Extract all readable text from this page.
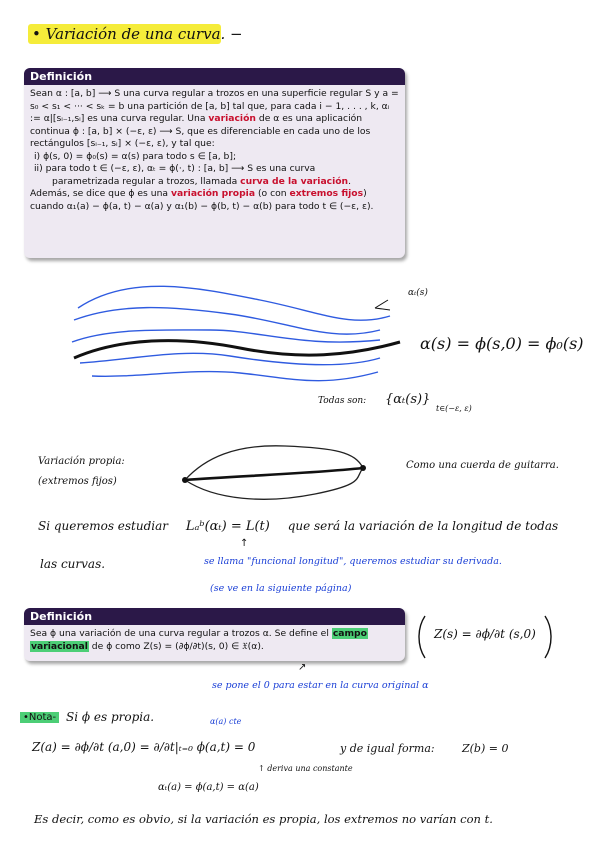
• Variación de una curva. −
Definición
Sean α : [a, b] ⟶ S una curva regular a trozos en una superficie regular S y a = s₀ < s₁ < ··· < sₖ = b una partición de [a, b] tal que, para cada i − 1, . . . , k, αᵢ := α|[sᵢ₋₁,sᵢ] es una curva regular. Una variación de α es una aplicación continua ϕ : [a, b] × (−ε, ε) ⟶ S, que es diferenciable en cada uno de los rectángulos [sᵢ₋₁, sᵢ] × (−ε, ε), y tal que:
i) ϕ(s, 0) = ϕ₀(s) = α(s) para todo s ∈ [a, b];
ii) para todo t ∈ (−ε, ε), αₜ = ϕ(·, t) : [a, b] ⟶ S es una curva
parametrizada regular a trozos, llamada curva de la variación.
Además, se dice que ϕ es una variación propia (o con extremos fijos) cuando α₁(a) − ϕ(a, t) − α(a) y α₁(b) − ϕ(b, t) − α(b) para todo t ∈ (−ε, ε).
αₜ(s)
α(s) = ϕ(s,0) = ϕ₀(s)
Todas son: {αₜ(s)}
t∈(−ε, ε)
Variación propia:
(extremos fijos)
Como una cuerda de guitarra.
Si queremos estudiar Lₐᵇ(αₜ) = L(t) que será la variación de la longitud de todas
las curvas.
↑
se llama "funcional longitud", queremos estudiar su derivada.
(se ve en la siguiente página)
Definición
Sea ϕ una variación de una curva regular a trozos α. Se define el campo variacional de ϕ como Z(s) = (∂ϕ/∂t)(s, 0) ∈ 𝔛(α).
Z(s) = ∂ϕ/∂t (s,0)
↗
se pone el 0 para estar en la curva original α
•Nota- Si ϕ es propia.	α(a) cte
Z(a) = ∂ϕ/∂t (a,0) = ∂/∂t|ₜ₌₀ ϕ(a,t) = 0
↑ deriva una constante
αₜ(a) = ϕ(a,t) = α(a)
y de igual forma: Z(b) = 0
Es decir, como es obvio, si la variación es propia, los extremos no varían con t.
